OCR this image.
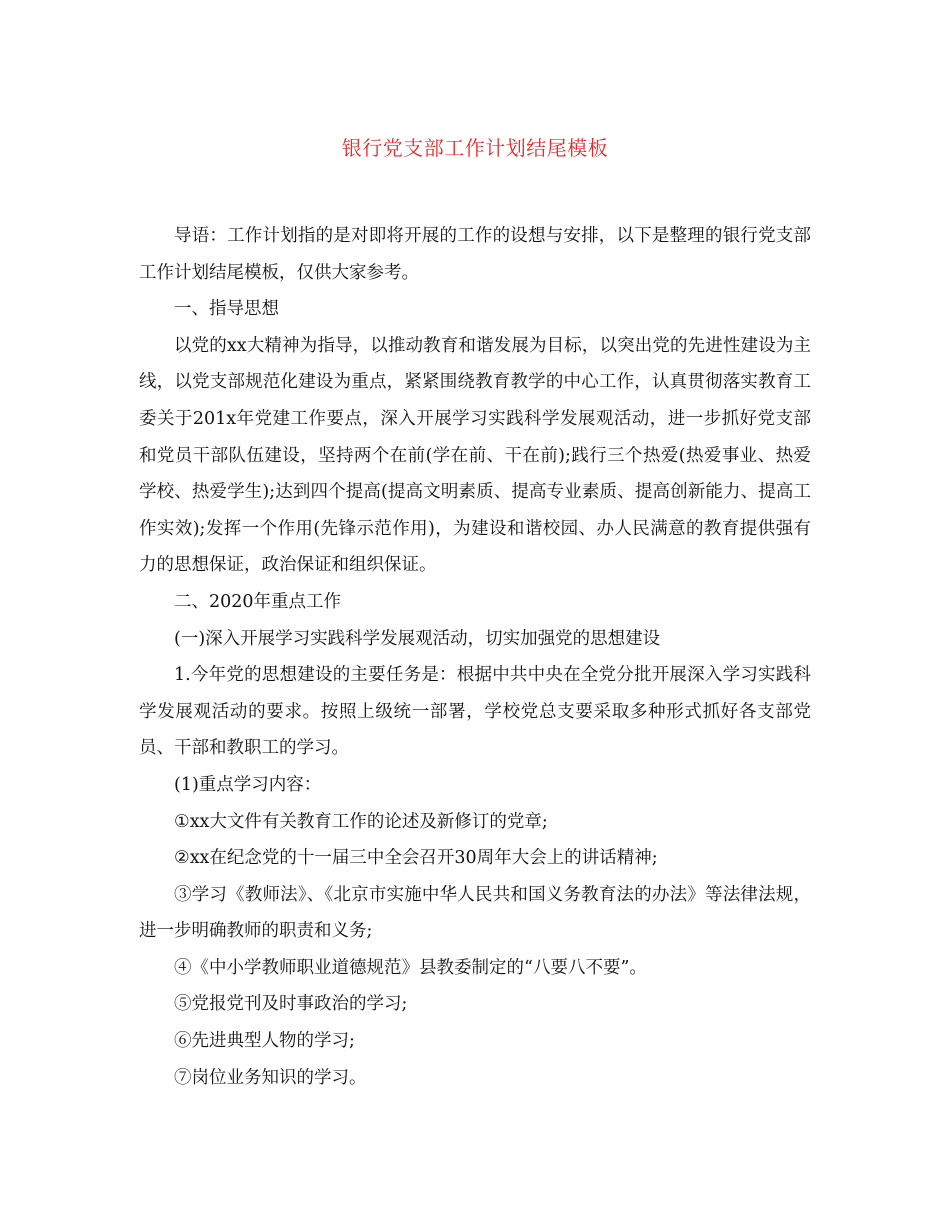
银行党支部工作计划结尾模板

导语：工作计划指的是对即将开展的工作的设想与安排，以下是整理的银行党支部工作计划结尾模板，仅供大家参考。

一、指导思想

以党的xx大精神为指导，以推动教育和谐发展为目标，以突出党的先进性建设为主线，以党支部规范化建设为重点，紧紧围绕教育教学的中心工作，认真贯彻落实教育工委关于201x年党建工作要点，深入开展学习实践科学发展观活动，进一步抓好党支部和党员干部队伍建设，坚持两个在前(学在前、干在前);践行三个热爱(热爱事业、热爱学校、热爱学生);达到四个提高(提高文明素质、提高专业素质、提高创新能力、提高工作实效);发挥一个作用(先锋示范作用)，为建设和谐校园、办人民满意的教育提供强有力的思想保证，政治保证和组织保证。

二、2020年重点工作

(一)深入开展学习实践科学发展观活动，切实加强党的思想建设

1.今年党的思想建设的主要任务是：根据中共中央在全党分批开展深入学习实践科学发展观活动的要求。按照上级统一部署，学校党总支要采取多种形式抓好各支部党员、干部和教职工的学习。

(1)重点学习内容：

①xx大文件有关教育工作的论述及新修订的党章;

②xx在纪念党的十一届三中全会召开30周年大会上的讲话精神;

③学习《教师法》、《北京市实施中华人民共和国义务教育法的办法》等法律法规，进一步明确教师的职责和义务;

④《中小学教师职业道德规范》县教委制定的“八要八不要”。

⑤党报党刊及时事政治的学习;

⑥先进典型人物的学习;

⑦岗位业务知识的学习。
